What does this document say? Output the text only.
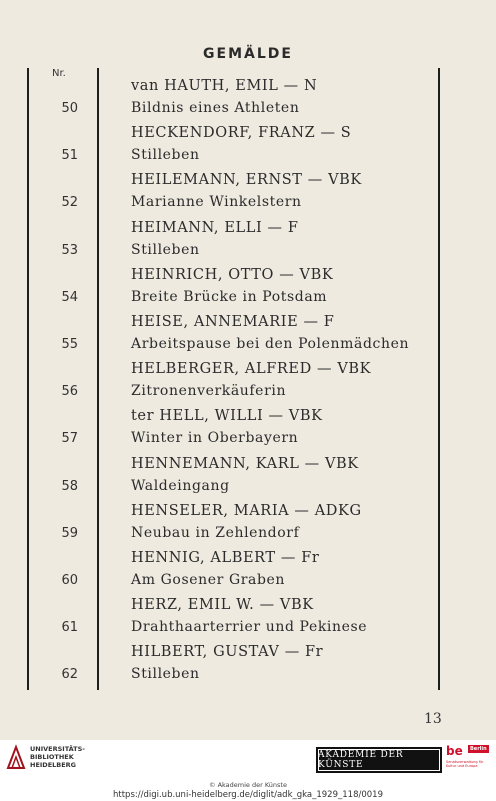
GEMÄLDE
Nr.
van HAUTH, EMIL — N
50	Bildnis eines Athleten
HECKENDORF, FRANZ — S
51	Stilleben
HEILEMANN, ERNST — VBK
52	Marianne Winkelstern
HEIMANN, ELLI — F
53	Stilleben
HEINRICH, OTTO — VBK
54	Breite Brücke in Potsdam
HEISE, ANNEMARIE — F
55	Arbeitspause bei den Polenmädchen
HELBERGER, ALFRED — VBK
56	Zitronenverkäuferin
ter HELL, WILLI — VBK
57	Winter in Oberbayern
HENNEMANN, KARL — VBK
58	Waldeingang
HENSELER, MARIA — ADKG
59	Neubau in Zehlendorf
HENNIG, ALBERT — Fr
60	Am Gosener Graben
HERZ, EMIL W. — VBK
61	Drahthaarterrier und Pekinese
HILBERT, GUSTAV — Fr
62	Stilleben
13
UNIVERSITÄTS-
BIBLIOTHEK
HEIDELBERG
AKADEMIE DER KÜNSTE
be	Berlin
Senatsverwaltung für Kultur und Europa
© Akademie der Künste
https://digi.ub.uni-heidelberg.de/diglit/adk_gka_1929_118/0019
